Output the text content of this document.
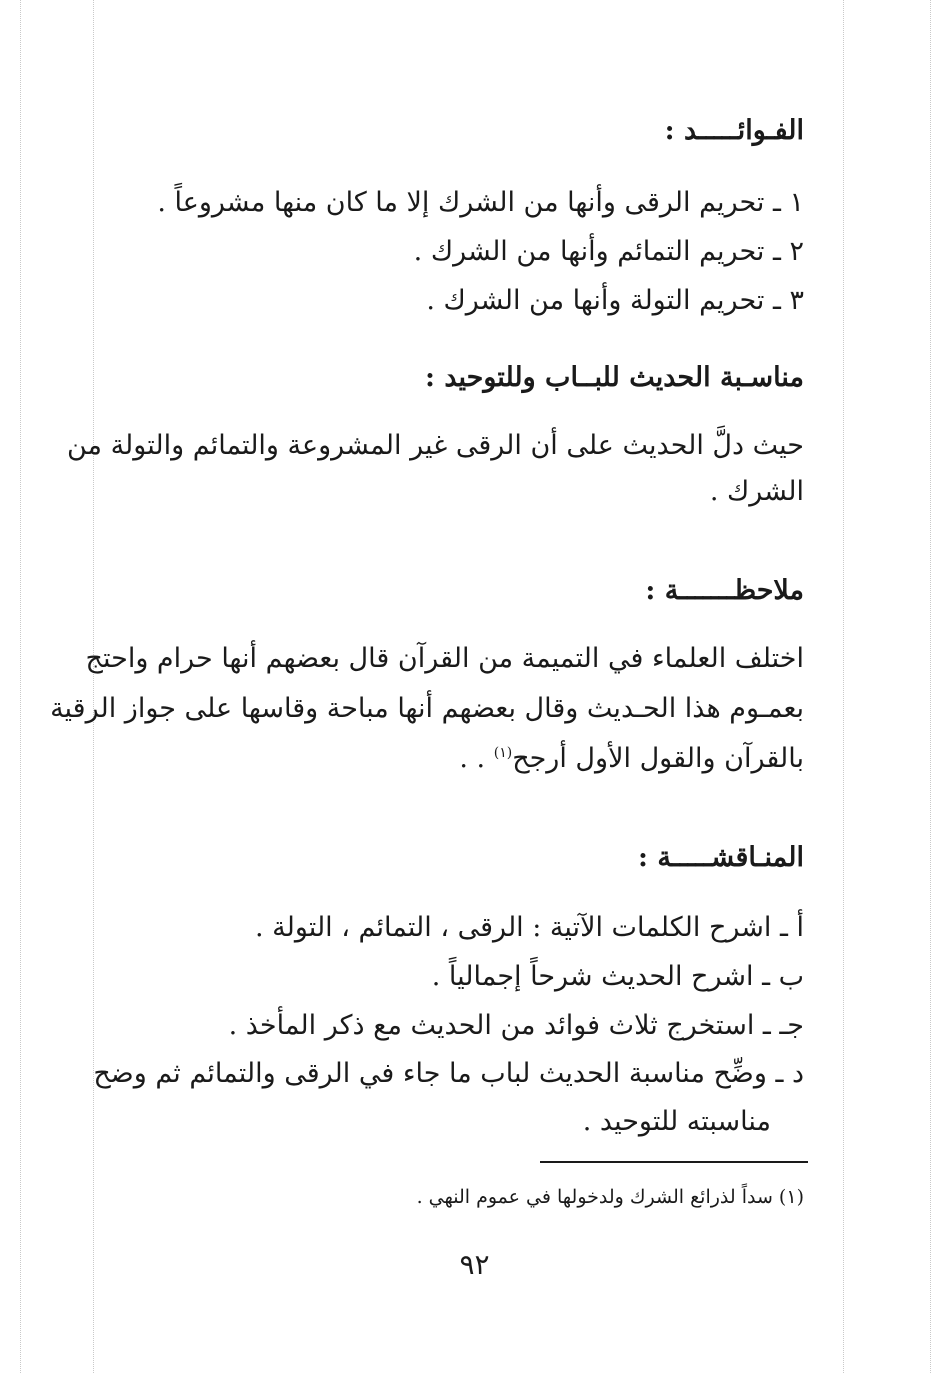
الفـوائـــــد :
١ ـ تحريم الرقى وأنها من الشرك إلا ما كان منها مشروعاً .
٢ ـ تحريم التمائم وأنها من الشرك .
٣ ـ تحريم التولة وأنها من الشرك .
مناسـبة الحديث للبــاب وللتوحيد :
حيث دلَّ الحديث على أن الرقى غير المشروعة والتمائم والتولة من
الشرك .
ملاحظـــــــة :
اختلف العلماء في التميمة من القرآن قال بعضهم أنها حرام واحتج
بعمـوم هذا الحـديث وقال بعضهم أنها مباحة وقاسها على جواز الرقية
بالقرآن والقول الأول أرجح$^{(١)}$ . .
المنـاقشـــــة :
أ ـ اشرح الكلمات الآتية : الرقى ، التمائم ، التولة .
ب ـ اشرح الحديث شرحاً إجمالياً .
جـ ـ استخرج ثلاث فوائد من الحديث مع ذكر المأخذ .
د ـ وضِّح مناسبة الحديث لباب ما جاء في الرقى والتمائم ثم وضح
مناسبته للتوحيد .
(١) سداً لذرائع الشرك ولدخولها في عموم النهي .
٩٢
